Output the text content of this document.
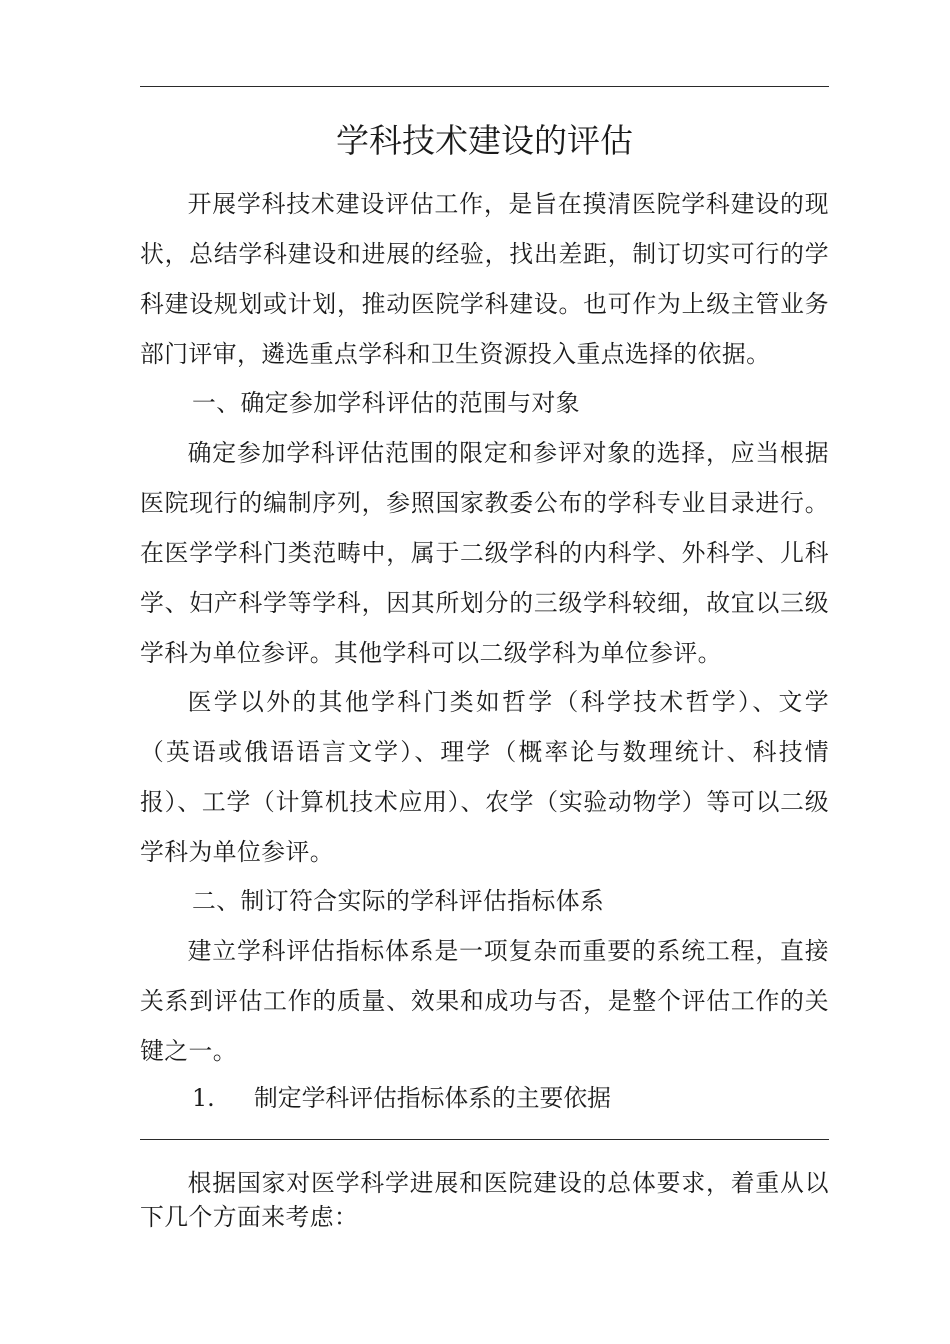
学科技术建设的评估

开展学科技术建设评估工作，是旨在摸清医院学科建设的现状，总结学科建设和进展的经验，找出差距，制订切实可行的学科建设规划或计划，推动医院学科建设。也可作为上级主管业务部门评审，遴选重点学科和卫生资源投入重点选择的依据。

一、确定参加学科评估的范围与对象

确定参加学科评估范围的限定和参评对象的选择，应当根据医院现行的编制序列，参照国家教委公布的学科专业目录进行。在医学学科门类范畴中，属于二级学科的内科学、外科学、儿科学、妇产科学等学科，因其所划分的三级学科较细，故宜以三级学科为单位参评。其他学科可以二级学科为单位参评。

医学以外的其他学科门类如哲学（科学技术哲学）、文学（英语或俄语语言文学）、理学（概率论与数理统计、科技情报）、工学（计算机技术应用）、农学（实验动物学）等可以二级学科为单位参评。

二、制订符合实际的学科评估指标体系

建立学科评估指标体系是一项复杂而重要的系统工程，直接关系到评估工作的质量、效果和成功与否，是整个评估工作的关键之一。

1. 制定学科评估指标体系的主要依据

根据国家对医学科学进展和医院建设的总体要求，着重从以下几个方面来考虑：
